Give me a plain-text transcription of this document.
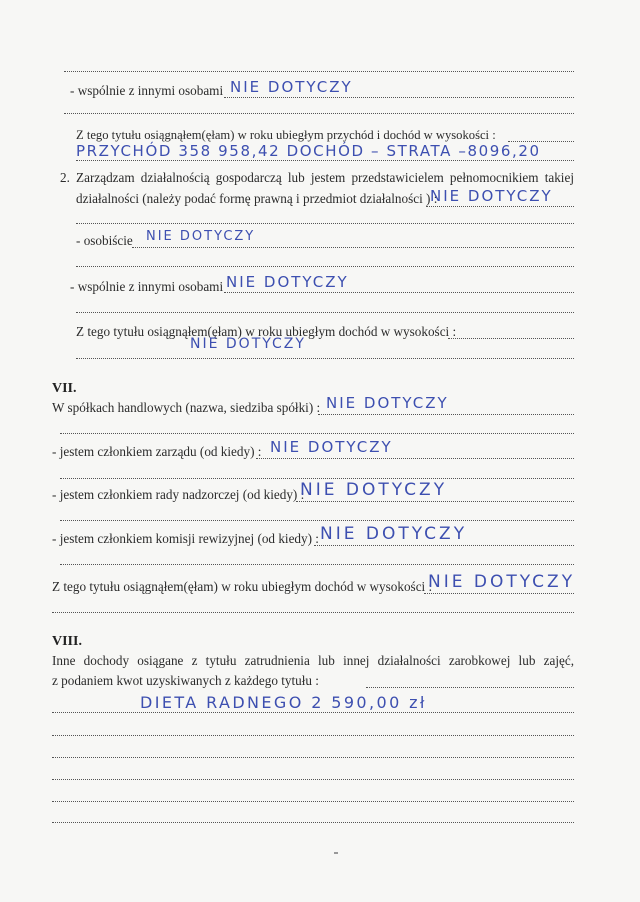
- wspólnie z innymi osobami NIE DOTYCZY
Z tego tytułu osiągnąłem(ęłam) w roku ubiegłym przychód i dochód w wysokości :
PRZYCHÓD 358 958,42 DOCHÓD – STRATA –8096,20
2. Zarządzam działalnością gospodarczą lub jestem przedstawicielem pełnomocnikiem takiej
działalności (należy podać formę prawną i przedmiot działalności ) :
NIE DOTYCZY
- osobiście NIE DOTYCZY
- wspólnie z innymi osobami NIE DOTYCZY
Z tego tytułu osiągnąłem(ęłam) w roku ubiegłym dochód w wysokości :
NIE DOTYCZY
VII.
W spółkach handlowych (nazwa, siedziba spółki) : NIE DOTYCZY
- jestem członkiem zarządu (od kiedy) : NIE DOTYCZY
- jestem członkiem rady nadzorczej (od kiedy) :
NIE DOTYCZY
- jestem członkiem komisji rewizyjnej (od kiedy) : NIE DOTYCZY
Z tego tytułu osiągnąłem(ęłam) w roku ubiegłym dochód w wysokości :
NIE DOTYCZY
VIII.
Inne dochody osiągane z tytułu zatrudnienia lub innej działalności zarobkowej lub zajęć,
z podaniem kwot uzyskiwanych z każdego tytułu :
DIETA RADNEGO 2 590,00 zł
